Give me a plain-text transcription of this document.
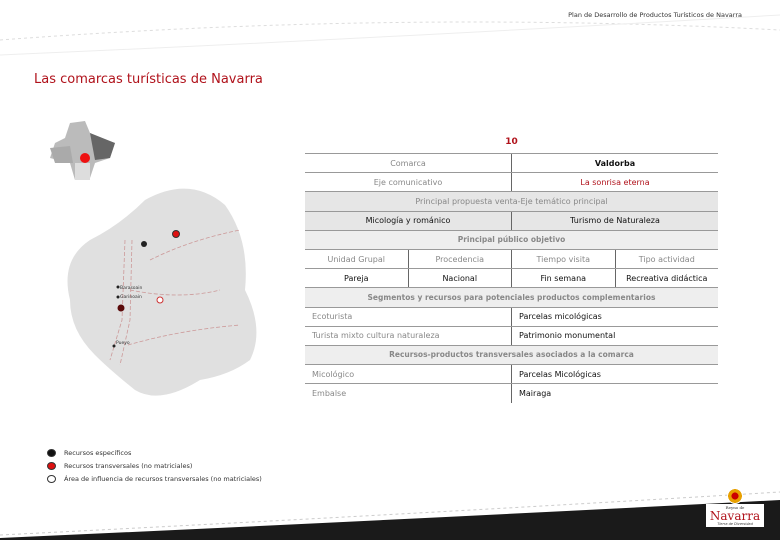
Plan de Desarrollo de Productos Turísticos de Navarra
Las comarcas turísticas de Navarra
Barasoain
Garinoain
Pueyo
10
Comarca	Valdorba
Eje comunicativo	La sonrisa eterna
Principal propuesta venta-Eje temático principal
Micología y románico	Turismo de Naturaleza
Principal público objetivo
Unidad Grupal	Procedencia	Tiempo visita	Tipo actividad
Pareja	Nacional	Fin semana	Recreativa didáctica
Segmentos y recursos para potenciales productos complementarios
Ecoturista	Parcelas micológicas
Turista mixto cultura naturaleza	Patrimonio monumental
Recursos-productos transversales asociados a la comarca
Micológico	Parcelas Micológicas
Embalse	Mairaga
Recursos específicos
Recursos transversales (no matriciales)
Área de influencia de recursos transversales (no matriciales)
Reyno de
Navarra
Tierra de Diversidad
